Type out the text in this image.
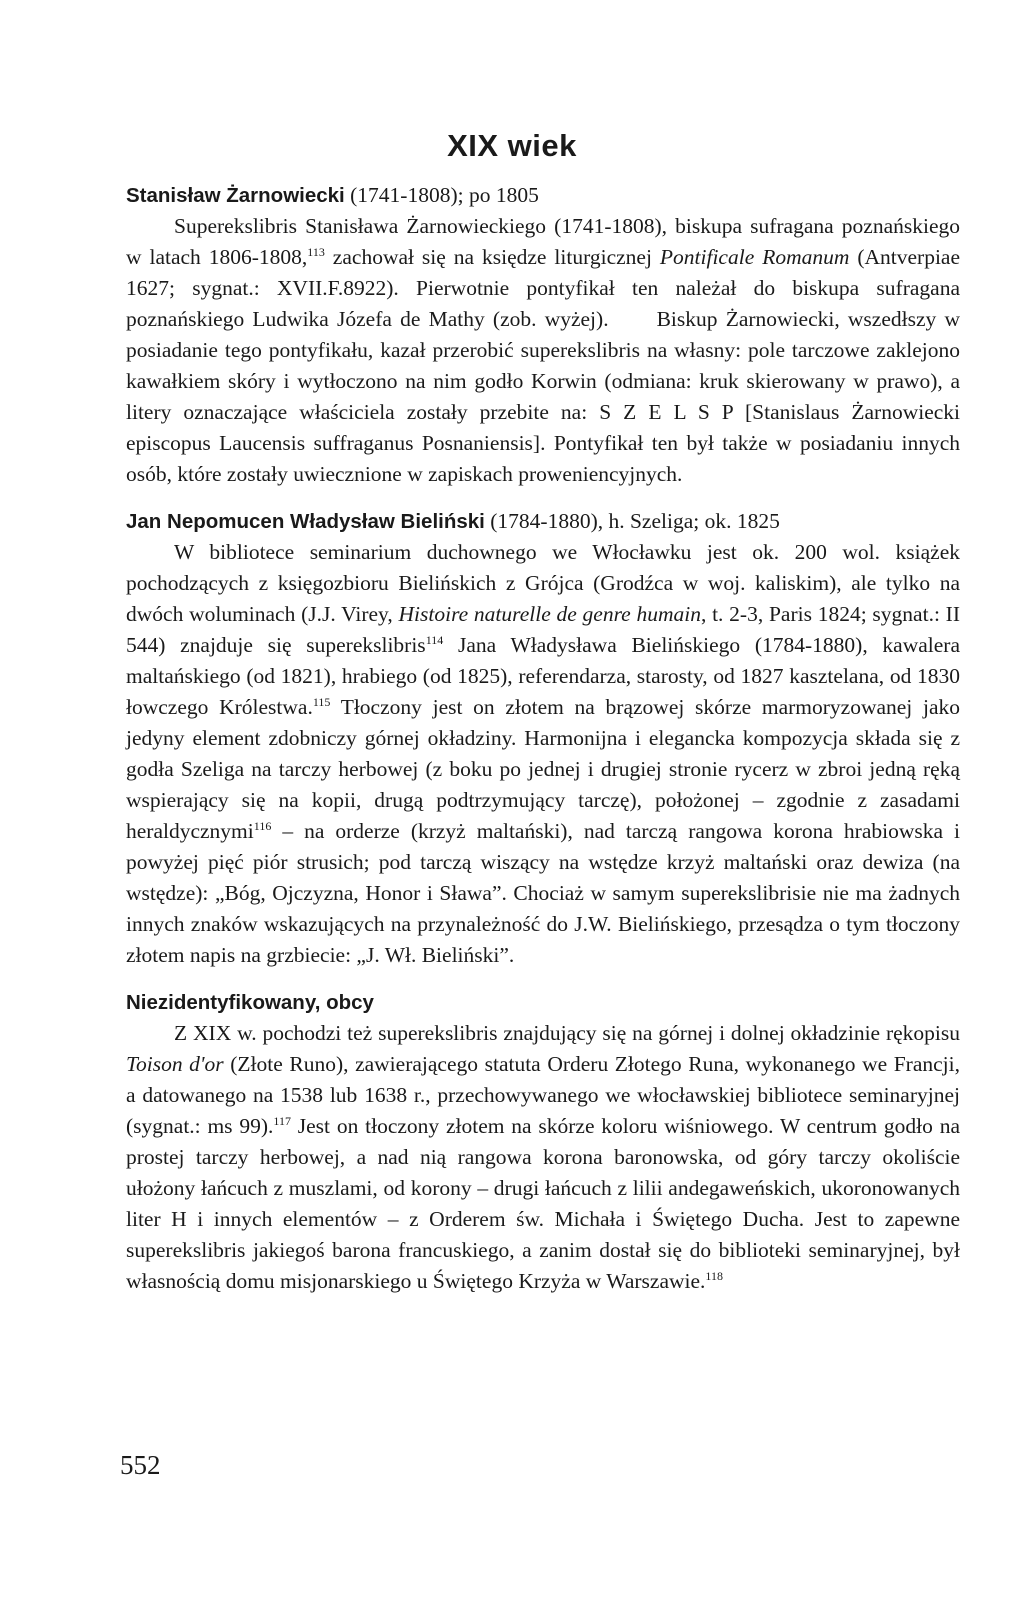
XIX wiek

Stanisław Żarnowiecki (1741-1808); po 1805

Superekslibris Stanisława Żarnowieckiego (1741-1808), biskupa sufragana poznańskiego w latach 1806-1808,$^{113}$ zachował się na księdze liturgicznej Pontificale Romanum (Antverpiae 1627; sygnat.: XVII.F.8922). Pierwotnie pontyfikał ten należał do biskupa sufragana poznańskiego Ludwika Józefa de Mathy (zob. wyżej). Biskup Żarnowiecki, wszedłszy w posiadanie tego pontyfikału, kazał przerobić superekslibris na własny: pole tarczowe zaklejono kawałkiem skóry i wytłoczono na nim godło Korwin (odmiana: kruk skierowany w prawo), a litery oznaczające właściciela zostały przebite na: S Z E L S P [Stanislaus Żarnowiecki episcopus Laucensis suffraganus Posnaniensis]. Pontyfikał ten był także w posiadaniu innych osób, które zostały uwiecznione w zapiskach proweniencyjnych.

Jan Nepomucen Władysław Bieliński (1784-1880), h. Szeliga; ok. 1825

W bibliotece seminarium duchownego we Włocławku jest ok. 200 wol. książek pochodzących z księgozbioru Bielińskich z Grójca (Grodźca w woj. kaliskim), ale tylko na dwóch woluminach (J.J. Virey, Histoire naturelle de genre humain, t. 2-3, Paris 1824; sygnat.: II 544) znajduje się superekslibris$^{114}$ Jana Władysława Bielińskiego (1784-1880), kawalera maltańskiego (od 1821), hrabiego (od 1825), referendarza, starosty, od 1827 kasztelana, od 1830 łowczego Królestwa.$^{115}$ Tłoczony jest on złotem na brązowej skórze marmoryzowanej jako jedyny element zdobniczy górnej okładziny. Harmonijna i elegancka kompozycja składa się z godła Szeliga na tarczy herbowej (z boku po jednej i drugiej stronie rycerz w zbroi jedną ręką wspierający się na kopii, drugą podtrzymujący tarczę), położonej – zgodnie z zasadami heraldycznymi$^{116}$ – na orderze (krzyż maltański), nad tarczą rangowa korona hrabiowska i powyżej pięć piór strusich; pod tarczą wiszący na wstędze krzyż maltański oraz dewiza (na wstędze): „Bóg, Ojczyzna, Honor i Sława”. Chociaż w samym superekslibrisie nie ma żadnych innych znaków wskazujących na przynależność do J.W. Bielińskiego, przesądza o tym tłoczony złotem napis na grzbiecie: „J. Wł. Bieliński”.

Niezidentyfikowany, obcy

Z XIX w. pochodzi też superekslibris znajdujący się na górnej i dolnej okładzinie rękopisu Toison d'or (Złote Runo), zawierającego statuta Orderu Złotego Runa, wykonanego we Francji, a datowanego na 1538 lub 1638 r., przechowywanego we włocławskiej bibliotece seminaryjnej (sygnat.: ms 99).$^{117}$ Jest on tłoczony złotem na skórze koloru wiśniowego. W centrum godło na prostej tarczy herbowej, a nad nią rangowa korona baronowska, od góry tarczy okoliście ułożony łańcuch z muszlami, od korony – drugi łańcuch z lilii andegaweńskich, ukoronowanych liter H i innych elementów – z Orderem św. Michała i Świętego Ducha. Jest to zapewne superekslibris jakiegoś barona francuskiego, a zanim dostał się do biblioteki seminaryjnej, był własnością domu misjonarskiego u Świętego Krzyża w Warszawie.$^{118}$

552
